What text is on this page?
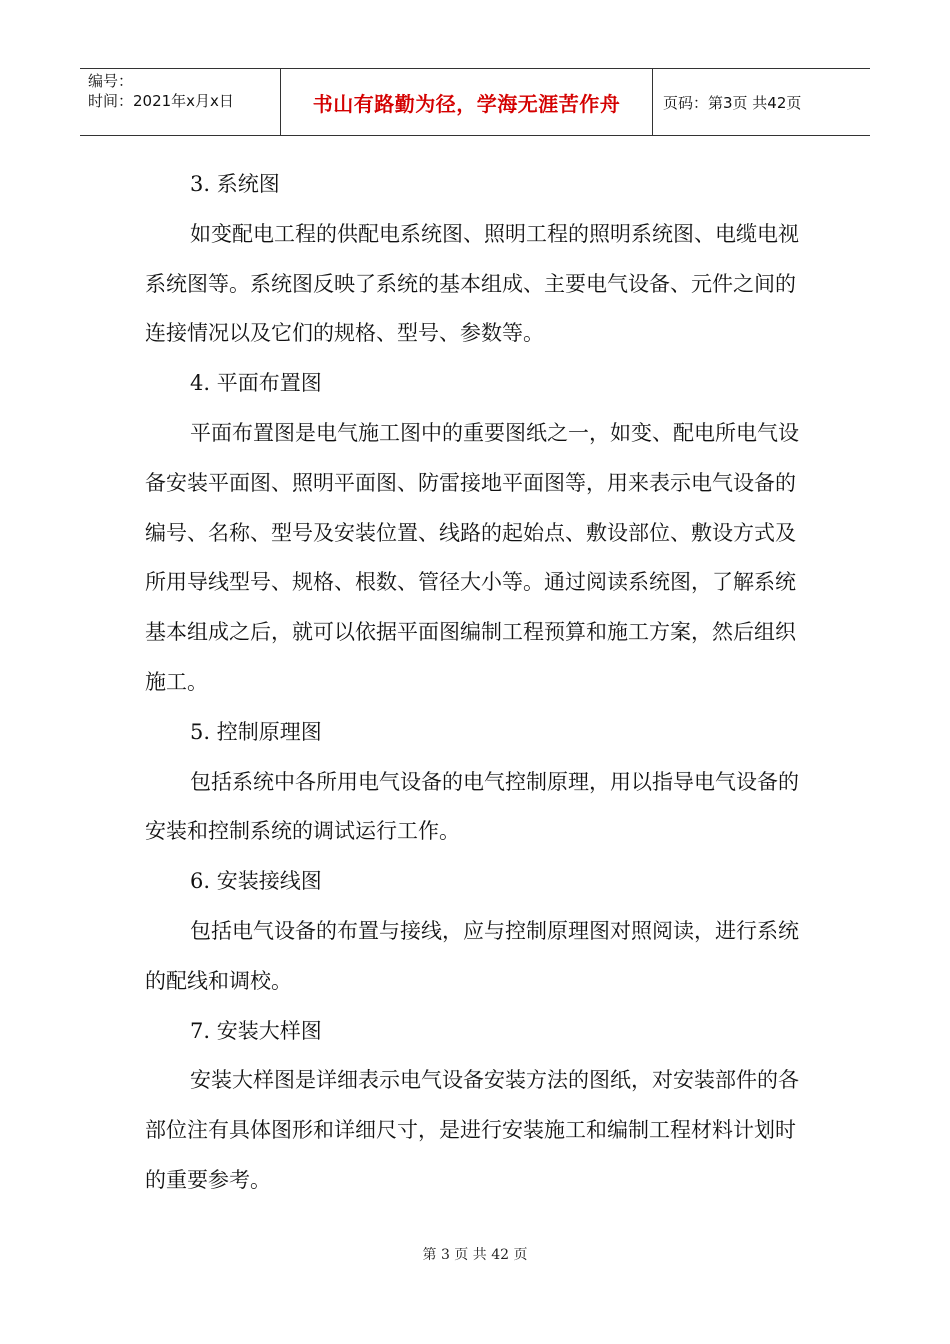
编号：
时间：2021年x月x日	书山有路勤为径，学海无涯苦作舟	页码：第3页 共42页

3. 系统图

如变配电工程的供配电系统图、照明工程的照明系统图、电缆电视系统图等。系统图反映了系统的基本组成、主要电气设备、元件之间的连接情况以及它们的规格、型号、参数等。

4. 平面布置图

平面布置图是电气施工图中的重要图纸之一，如变、配电所电气设备安装平面图、照明平面图、防雷接地平面图等，用来表示电气设备的编号、名称、型号及安装位置、线路的起始点、敷设部位、敷设方式及所用导线型号、规格、根数、管径大小等。通过阅读系统图，了解系统基本组成之后，就可以依据平面图编制工程预算和施工方案，然后组织施工。

5. 控制原理图

包括系统中各所用电气设备的电气控制原理，用以指导电气设备的安装和控制系统的调试运行工作。

6. 安装接线图

包括电气设备的布置与接线，应与控制原理图对照阅读，进行系统的配线和调校。

7. 安装大样图

安装大样图是详细表示电气设备安装方法的图纸，对安装部件的各部位注有具体图形和详细尺寸，是进行安装施工和编制工程材料计划时的重要参考。

第 3 页 共 42 页
